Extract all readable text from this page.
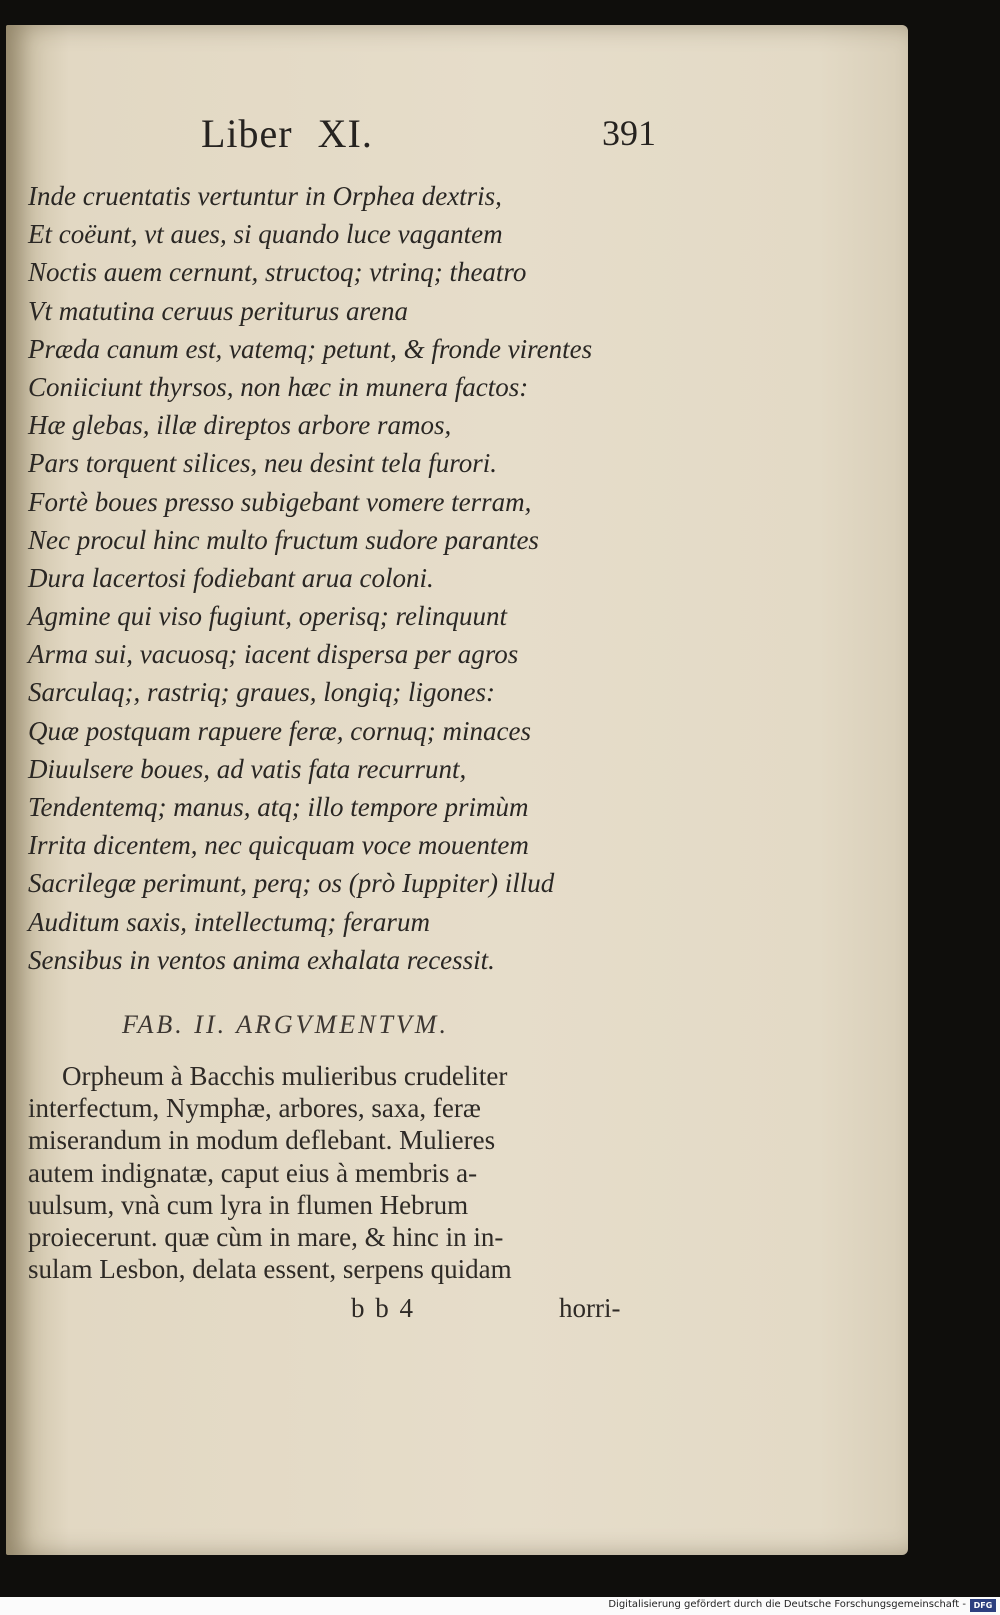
Liber XI.	391
Inde cruentatis vertuntur in Orphea dextris,
Et coëunt, vt aues, si quando luce vagantem
Noctis auem cernunt, structoq; vtrinq; theatro
Vt matutina ceruus periturus arena
Præda canum est, vatemq; petunt, & fronde virentes
Coniiciunt thyrsos, non hæc in munera factos:
Hæ glebas, illæ direptos arbore ramos,
Pars torquent silices, neu desint tela furori.
Fortè boues presso subigebant vomere terram,
Nec procul hinc multo fructum sudore parantes
Dura lacertosi fodiebant arua coloni.
Agmine qui viso fugiunt, operisq; relinquunt
Arma sui, vacuosq; iacent dispersa per agros
Sarculaq;, rastriq; graues, longiq; ligones:
Quæ postquam rapuere feræ, cornuq; minaces
Diuulsere boues, ad vatis fata recurrunt,
Tendentemq; manus, atq; illo tempore primùm
Irrita dicentem, nec quicquam voce mouentem
Sacrilegæ perimunt, perq; os (prò Iuppiter) illud
Auditum saxis, intellectumq; ferarum
Sensibus in ventos anima exhalata recessit.
FAB. II. ARGVMENTVM.
Orpheum à Bacchis mulieribus crudeliter
interfectum, Nymphæ, arbores, saxa, feræ
miserandum in modum deflebant. Mulieres
autem indignatæ, caput eius à membris a-
uulsum, vnà cum lyra in flumen Hebrum
proiecerunt. quæ cùm in mare, & hinc in in-
sulam Lesbon, delata essent, serpens quidam
b b 4	horri-
Digitalisierung gefördert durch die Deutsche Forschungsgemeinschaft - DFG
